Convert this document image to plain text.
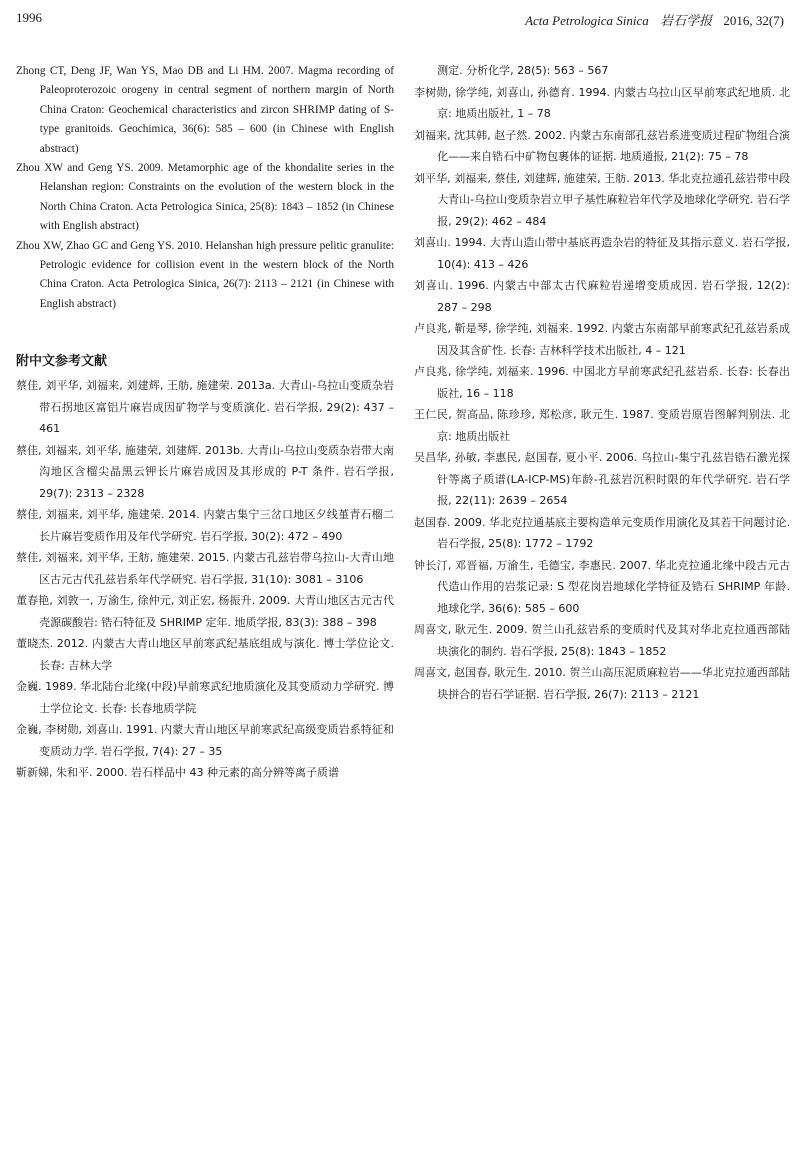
1996	Acta Petrologica Sinica 岩石学报 2016, 32(7)

Zhong CT, Deng JF, Wan YS, Mao DB and Li HM. 2007. Magma recording of Paleoproterozoic orogeny in central segment of northern margin of North China Craton: Geochemical characteristics and zircon SHRIMP dating of S-type granitoids. Geochimica, 36(6): 585 – 600 (in Chinese with English abstract)

Zhou XW and Geng YS. 2009. Metamorphic age of the khondalite series in the Helanshan region: Constraints on the evolution of the western block in the North China Craton. Acta Petrologica Sinica, 25(8): 1843 – 1852 (in Chinese with English abstract)

Zhou XW, Zhao GC and Geng YS. 2010. Helanshan high pressure pelitic granulite: Petrologic evidence for collision event in the western block of the North China Craton. Acta Petrologica Sinica, 26(7): 2113 – 2121 (in Chinese with English abstract)

附中文参考文献

蔡佳, 刘平华, 刘福来, 刘建辉, 王舫, 施建荣. 2013a. 大青山-乌拉山变质杂岩带石拐地区富铝片麻岩成因矿物学与变质演化. 岩石学报, 29(2): 437 – 461

蔡佳, 刘福来, 刘平华, 施建荣, 刘建辉. 2013b. 大青山-乌拉山变质杂岩带大南沟地区含榴尖晶黑云钾长片麻岩成因及其形成的 P-T 条件. 岩石学报, 29(7): 2313 – 2328

蔡佳, 刘福来, 刘平华, 施建荣. 2014. 内蒙古集宁三岔口地区夕线堇青石榴二长片麻岩变质作用及年代学研究. 岩石学报, 30(2): 472 – 490

蔡佳, 刘福来, 刘平华, 王舫, 施建荣. 2015. 内蒙古孔兹岩带乌拉山-大青山地区古元古代孔兹岩系年代学研究. 岩石学报, 31(10): 3081 – 3106

董春艳, 刘敦一, 万渝生, 徐仲元, 刘正宏, 杨振升. 2009. 大青山地区古元古代壳源碳酸岩: 锆石特征及 SHRIMP 定年. 地质学报, 83(3): 388 – 398

董晓杰. 2012. 内蒙古大青山地区早前寒武纪基底组成与演化. 博士学位论文. 长春: 吉林大学

金巍. 1989. 华北陆台北缘(中段)早前寒武纪地质演化及其变质动力学研究. 博士学位论文. 长春: 长春地质学院

金巍, 李树勋, 刘喜山. 1991. 内蒙大青山地区早前寒武纪高级变质岩系特征和变质动力学. 岩石学报, 7(4): 27 – 35

靳新娣, 朱和平. 2000. 岩石样品中 43 种元素的高分辨等离子质谱

测定. 分析化学, 28(5): 563 – 567

李树勋, 徐学纯, 刘喜山, 孙德育. 1994. 内蒙古乌拉山区早前寒武纪地质. 北京: 地质出版社, 1 – 78

刘福来, 沈其韩, 赵子然. 2002. 内蒙古东南部孔兹岩系进变质过程矿物组合演化——来自锆石中矿物包裹体的证据. 地质通报, 21(2): 75 – 78

刘平华, 刘福来, 蔡佳, 刘建辉, 施建荣, 王舫. 2013. 华北克拉通孔兹岩带中段大青山-乌拉山变质杂岩立甲子基性麻粒岩年代学及地球化学研究. 岩石学报, 29(2): 462 – 484

刘喜山. 1994. 大青山造山带中基底再造杂岩的特征及其指示意义. 岩石学报, 10(4): 413 – 426

刘喜山. 1996. 内蒙古中部太古代麻粒岩递增变质成因. 岩石学报, 12(2): 287 – 298

卢良兆, 靳是琴, 徐学纯, 刘福来. 1992. 内蒙古东南部早前寒武纪孔兹岩系成因及其含矿性. 长春: 吉林科学技术出版社, 4 – 121

卢良兆, 徐学纯, 刘福来. 1996. 中国北方早前寒武纪孔兹岩系. 长春: 长春出版社, 16 – 118

王仁民, 贺高品, 陈珍珍, 郑松彦, 耿元生. 1987. 变质岩原岩图解判别法. 北京: 地质出版社

吴昌华, 孙敏, 李惠民, 赵国春, 夏小平. 2006. 乌拉山-集宁孔兹岩锆石激光探针等离子质谱(LA-ICP-MS)年龄-孔兹岩沉积时限的年代学研究. 岩石学报, 22(11): 2639 – 2654

赵国春. 2009. 华北克拉通基底主要构造单元变质作用演化及其若干问题讨论. 岩石学报, 25(8): 1772 – 1792

钟长汀, 邓晋福, 万渝生, 毛德宝, 李惠民. 2007. 华北克拉通北缘中段古元古代造山作用的岩浆记录: S 型花岗岩地球化学特征及锆石 SHRIMP 年龄. 地球化学, 36(6): 585 – 600

周喜文, 耿元生. 2009. 贺兰山孔兹岩系的变质时代及其对华北克拉通西部陆块演化的制约. 岩石学报, 25(8): 1843 – 1852

周喜文, 赵国春, 耿元生. 2010. 贺兰山高压泥质麻粒岩——华北克拉通西部陆块拼合的岩石学证据. 岩石学报, 26(7): 2113 – 2121
